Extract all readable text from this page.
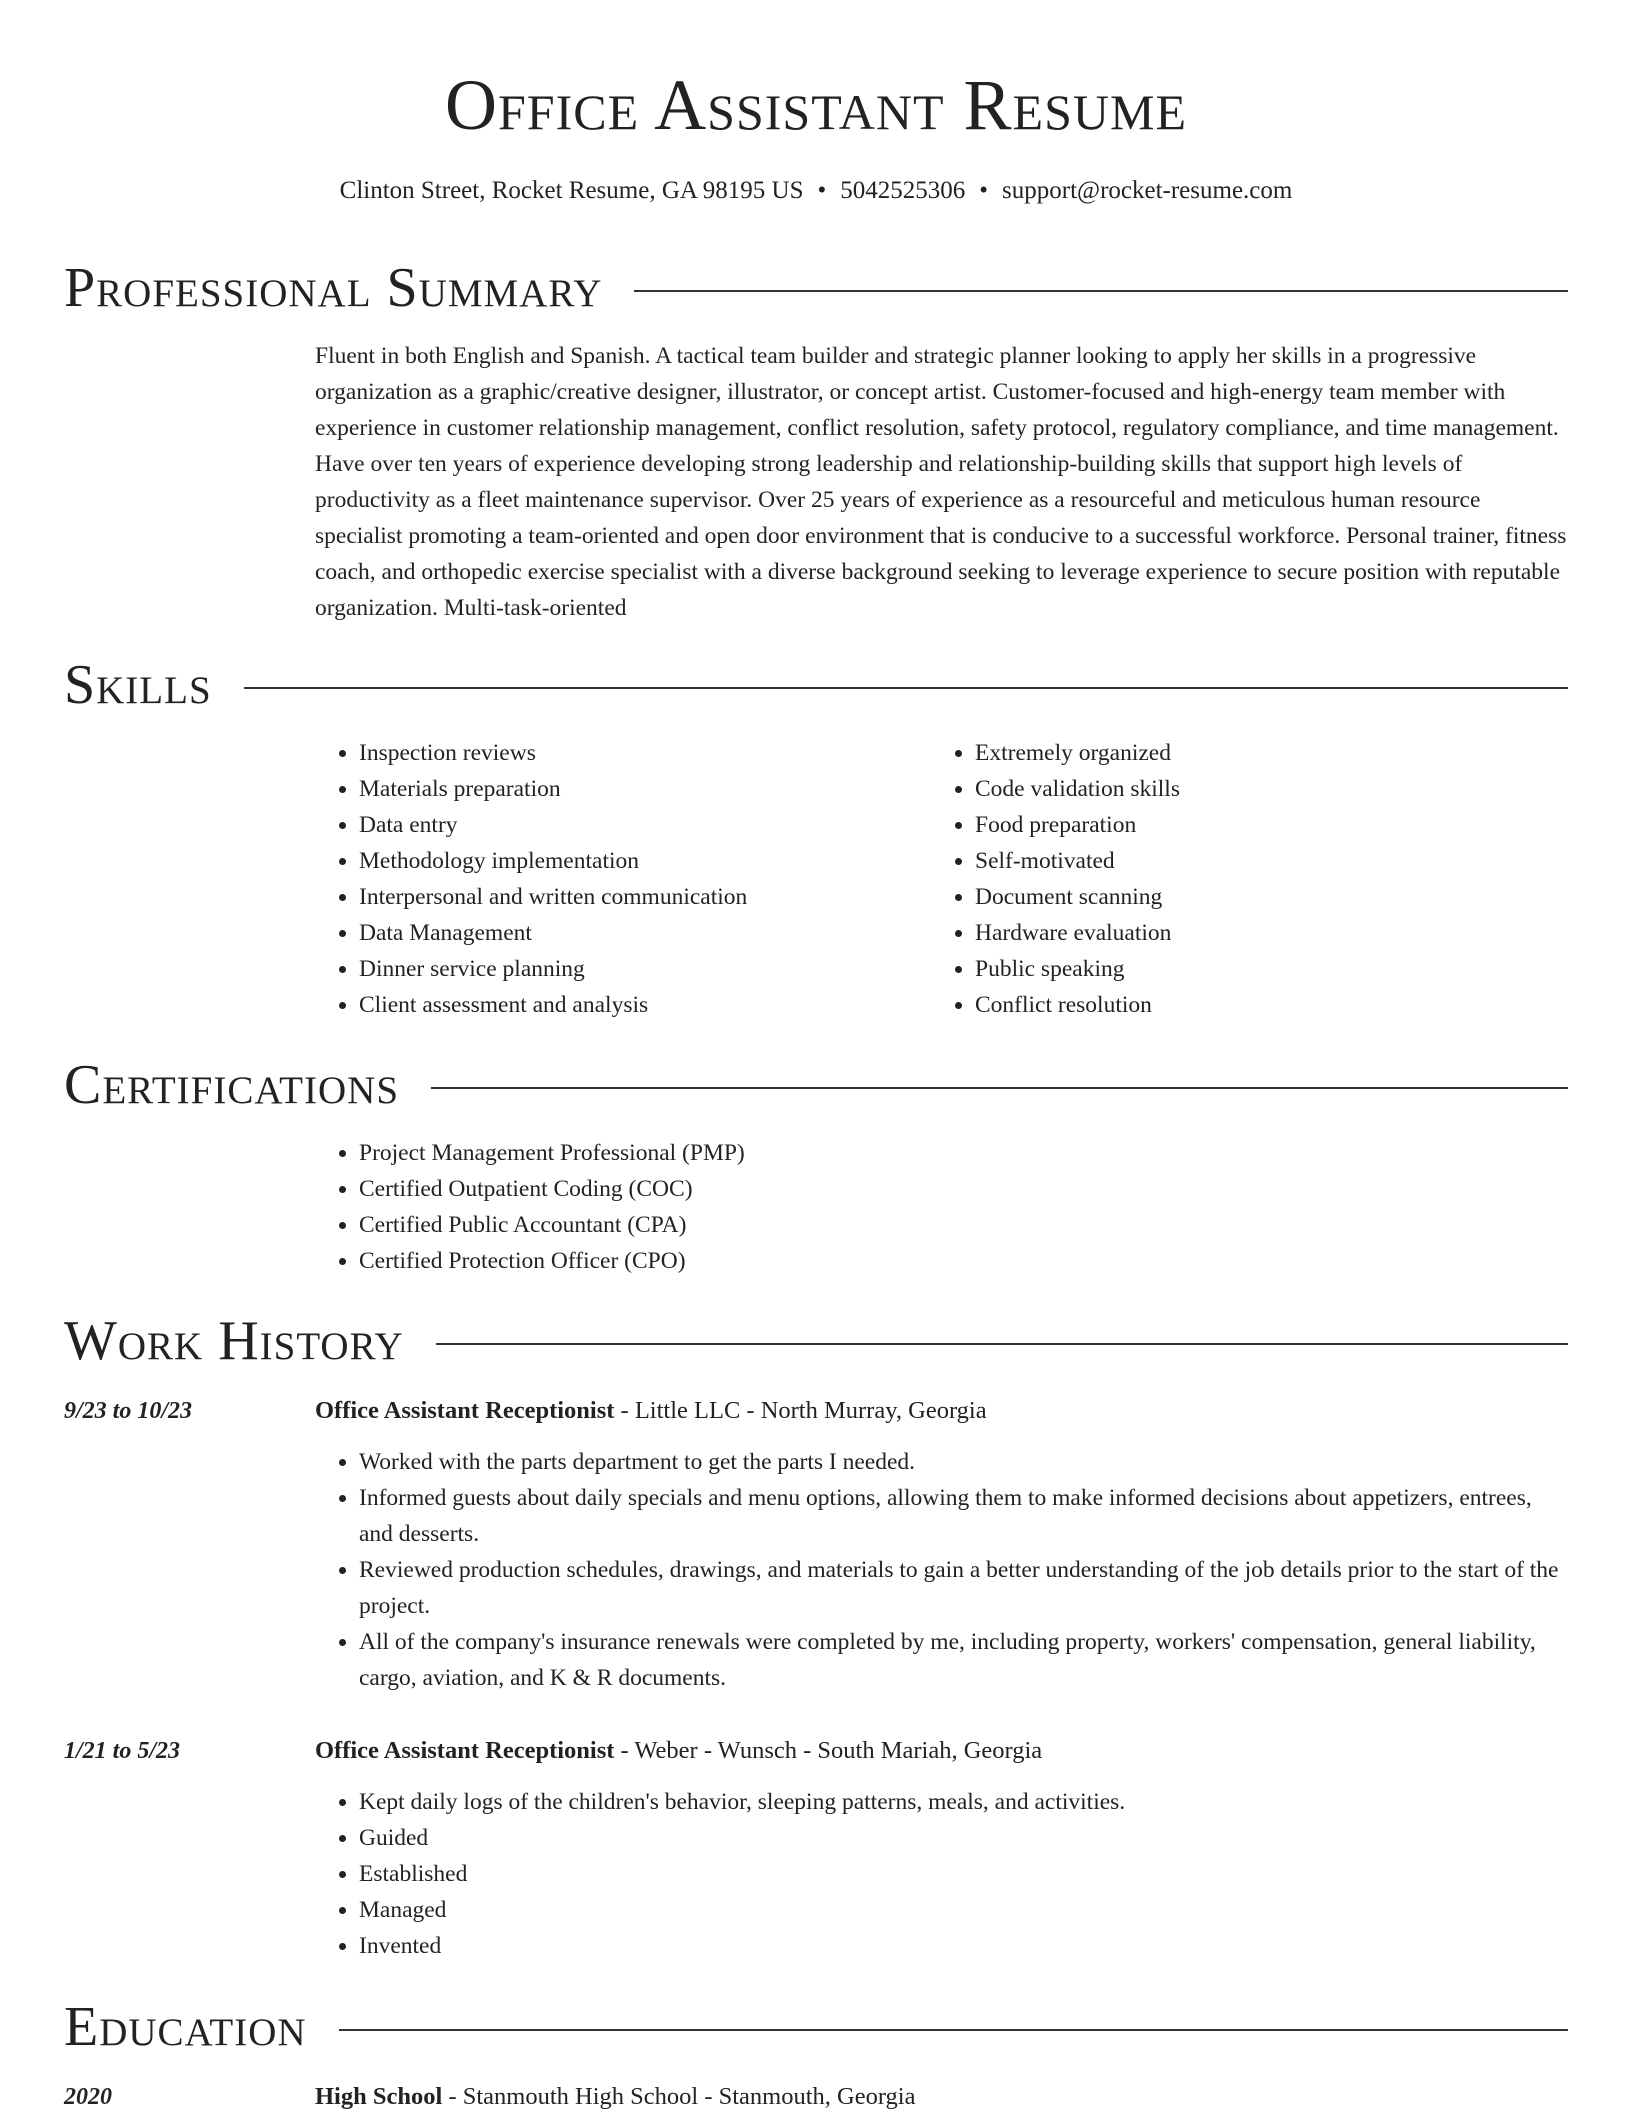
Office Assistant Resume
Clinton Street, Rocket Resume, GA 98195 US • 5042525306 • support@rocket-resume.com
Professional Summary

Fluent in both English and Spanish. A tactical team builder and strategic planner looking to apply her skills in a progressive organization as a graphic/creative designer, illustrator, or concept artist. Customer-focused and high-energy team member with experience in customer relationship management, conflict resolution, safety protocol, regulatory compliance, and time management. Have over ten years of experience developing strong leadership and relationship-building skills that support high levels of productivity as a fleet maintenance supervisor. Over 25 years of experience as a resourceful and meticulous human resource specialist promoting a team-oriented and open door environment that is conducive to a successful workforce. Personal trainer, fitness coach, and orthopedic exercise specialist with a diverse background seeking to leverage experience to secure position with reputable organization. Multi-task-oriented

Skills
• Inspection reviews
• Materials preparation
• Data entry
• Methodology implementation
• Interpersonal and written communication
• Data Management
• Dinner service planning
• Client assessment and analysis
• Extremely organized
• Code validation skills
• Food preparation
• Self-motivated
• Document scanning
• Hardware evaluation
• Public speaking
• Conflict resolution
Certifications
• Project Management Professional (PMP)
• Certified Outpatient Coding (COC)
• Certified Public Accountant (CPA)
• Certified Protection Officer (CPO)
Work History
9/23 to 10/23	Office Assistant Receptionist - Little LLC - North Murray, Georgia
• Worked with the parts department to get the parts I needed.
• Informed guests about daily specials and menu options, allowing them to make informed decisions about appetizers, entrees, and desserts.
• Reviewed production schedules, drawings, and materials to gain a better understanding of the job details prior to the start of the project.
• All of the company's insurance renewals were completed by me, including property, workers' compensation, general liability, cargo, aviation, and K & R documents.
1/21 to 5/23	Office Assistant Receptionist - Weber - Wunsch - South Mariah, Georgia
• Kept daily logs of the children's behavior, sleeping patterns, meals, and activities.
• Guided
• Established
• Managed
• Invented
Education
2020	High School - Stanmouth High School - Stanmouth, Georgia
